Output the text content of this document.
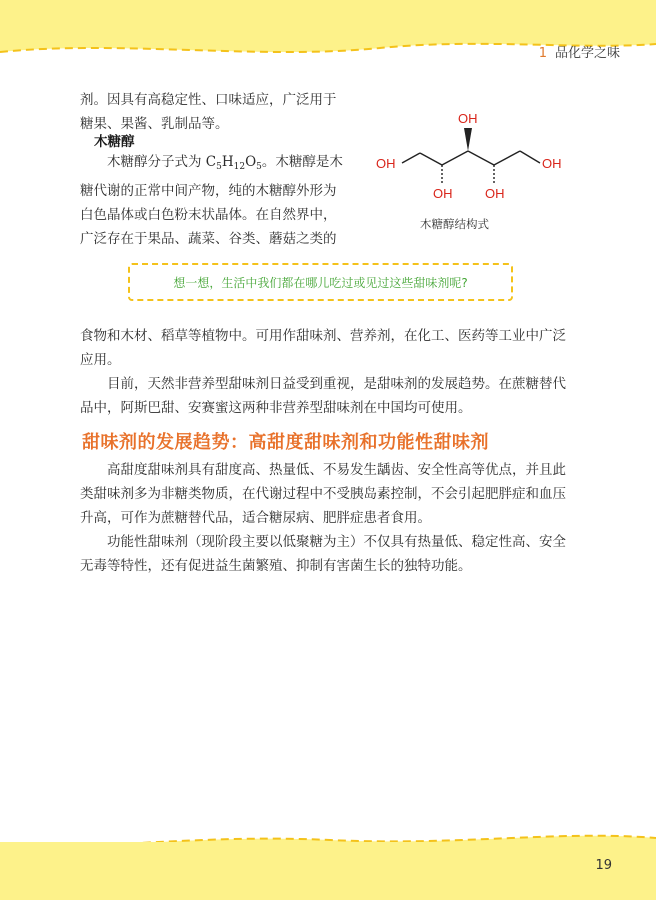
1 品化学之味

剂。因具有高稳定性、口味适应，广泛用于

糖果、果酱、乳制品等。

木糖醇

木糖醇分子式为 $C_5H_{12}O_5$。木糖醇是木

糖代谢的正常中间产物，纯的木糖醇外形为

白色晶体或白色粉末状晶体。在自然界中，

广泛存在于果品、蔬菜、谷类、蘑菇之类的

OH
OH
OH	OH
OH
木糖醇结构式
想一想，生活中我们都在哪儿吃过或见过这些甜味剂呢?

食物和木材、稻草等植物中。可用作甜味剂、营养剂，在化工、医药等工业中广泛应用。

目前，天然非营养型甜味剂日益受到重视，是甜味剂的发展趋势。在蔗糖替代品中，阿斯巴甜、安赛蜜这两种非营养型甜味剂在中国均可使用。

甜味剂的发展趋势：高甜度甜味剂和功能性甜味剂

高甜度甜味剂具有甜度高、热量低、不易发生龋齿、安全性高等优点，并且此类甜味剂多为非糖类物质，在代谢过程中不受胰岛素控制，不会引起肥胖症和血压升高，可作为蔗糖替代品，适合糖尿病、肥胖症患者食用。

功能性甜味剂（现阶段主要以低聚糖为主）不仅具有热量低、稳定性高、安全无毒等特性，还有促进益生菌繁殖、抑制有害菌生长的独特功能。

19
